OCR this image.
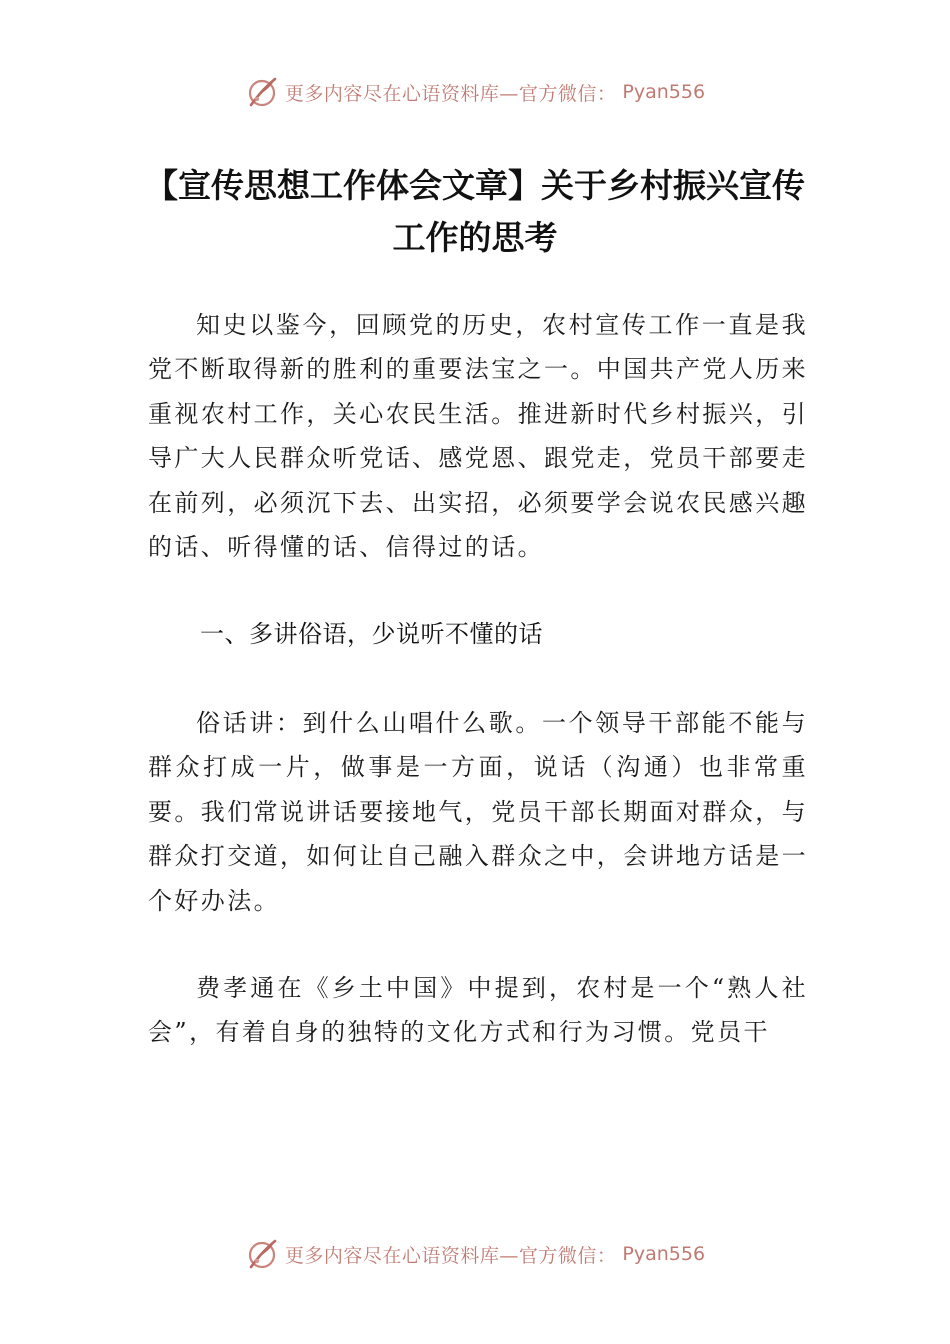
更多内容尽在心语资料库—官方微信： Pyan556
【宣传思想工作体会文章】关于乡村振兴宣传工作的思考
知史以鉴今，回顾党的历史，农村宣传工作一直是我党不断取得新的胜利的重要法宝之一。中国共产党人历来重视农村工作，关心农民生活。推进新时代乡村振兴，引导广大人民群众听党话、感党恩、跟党走，党员干部要走在前列，必须沉下去、出实招，必须要学会说农民感兴趣的话、听得懂的话、信得过的话。
一、多讲俗语，少说听不懂的话
俗话讲：到什么山唱什么歌。一个领导干部能不能与群众打成一片，做事是一方面，说话（沟通）也非常重要。我们常说讲话要接地气，党员干部长期面对群众，与群众打交道，如何让自己融入群众之中，会讲地方话是一个好办法。
费孝通在《乡土中国》中提到，农村是一个“熟人社会”，有着自身的独特的文化方式和行为习惯。党员干
更多内容尽在心语资料库—官方微信： Pyan556
